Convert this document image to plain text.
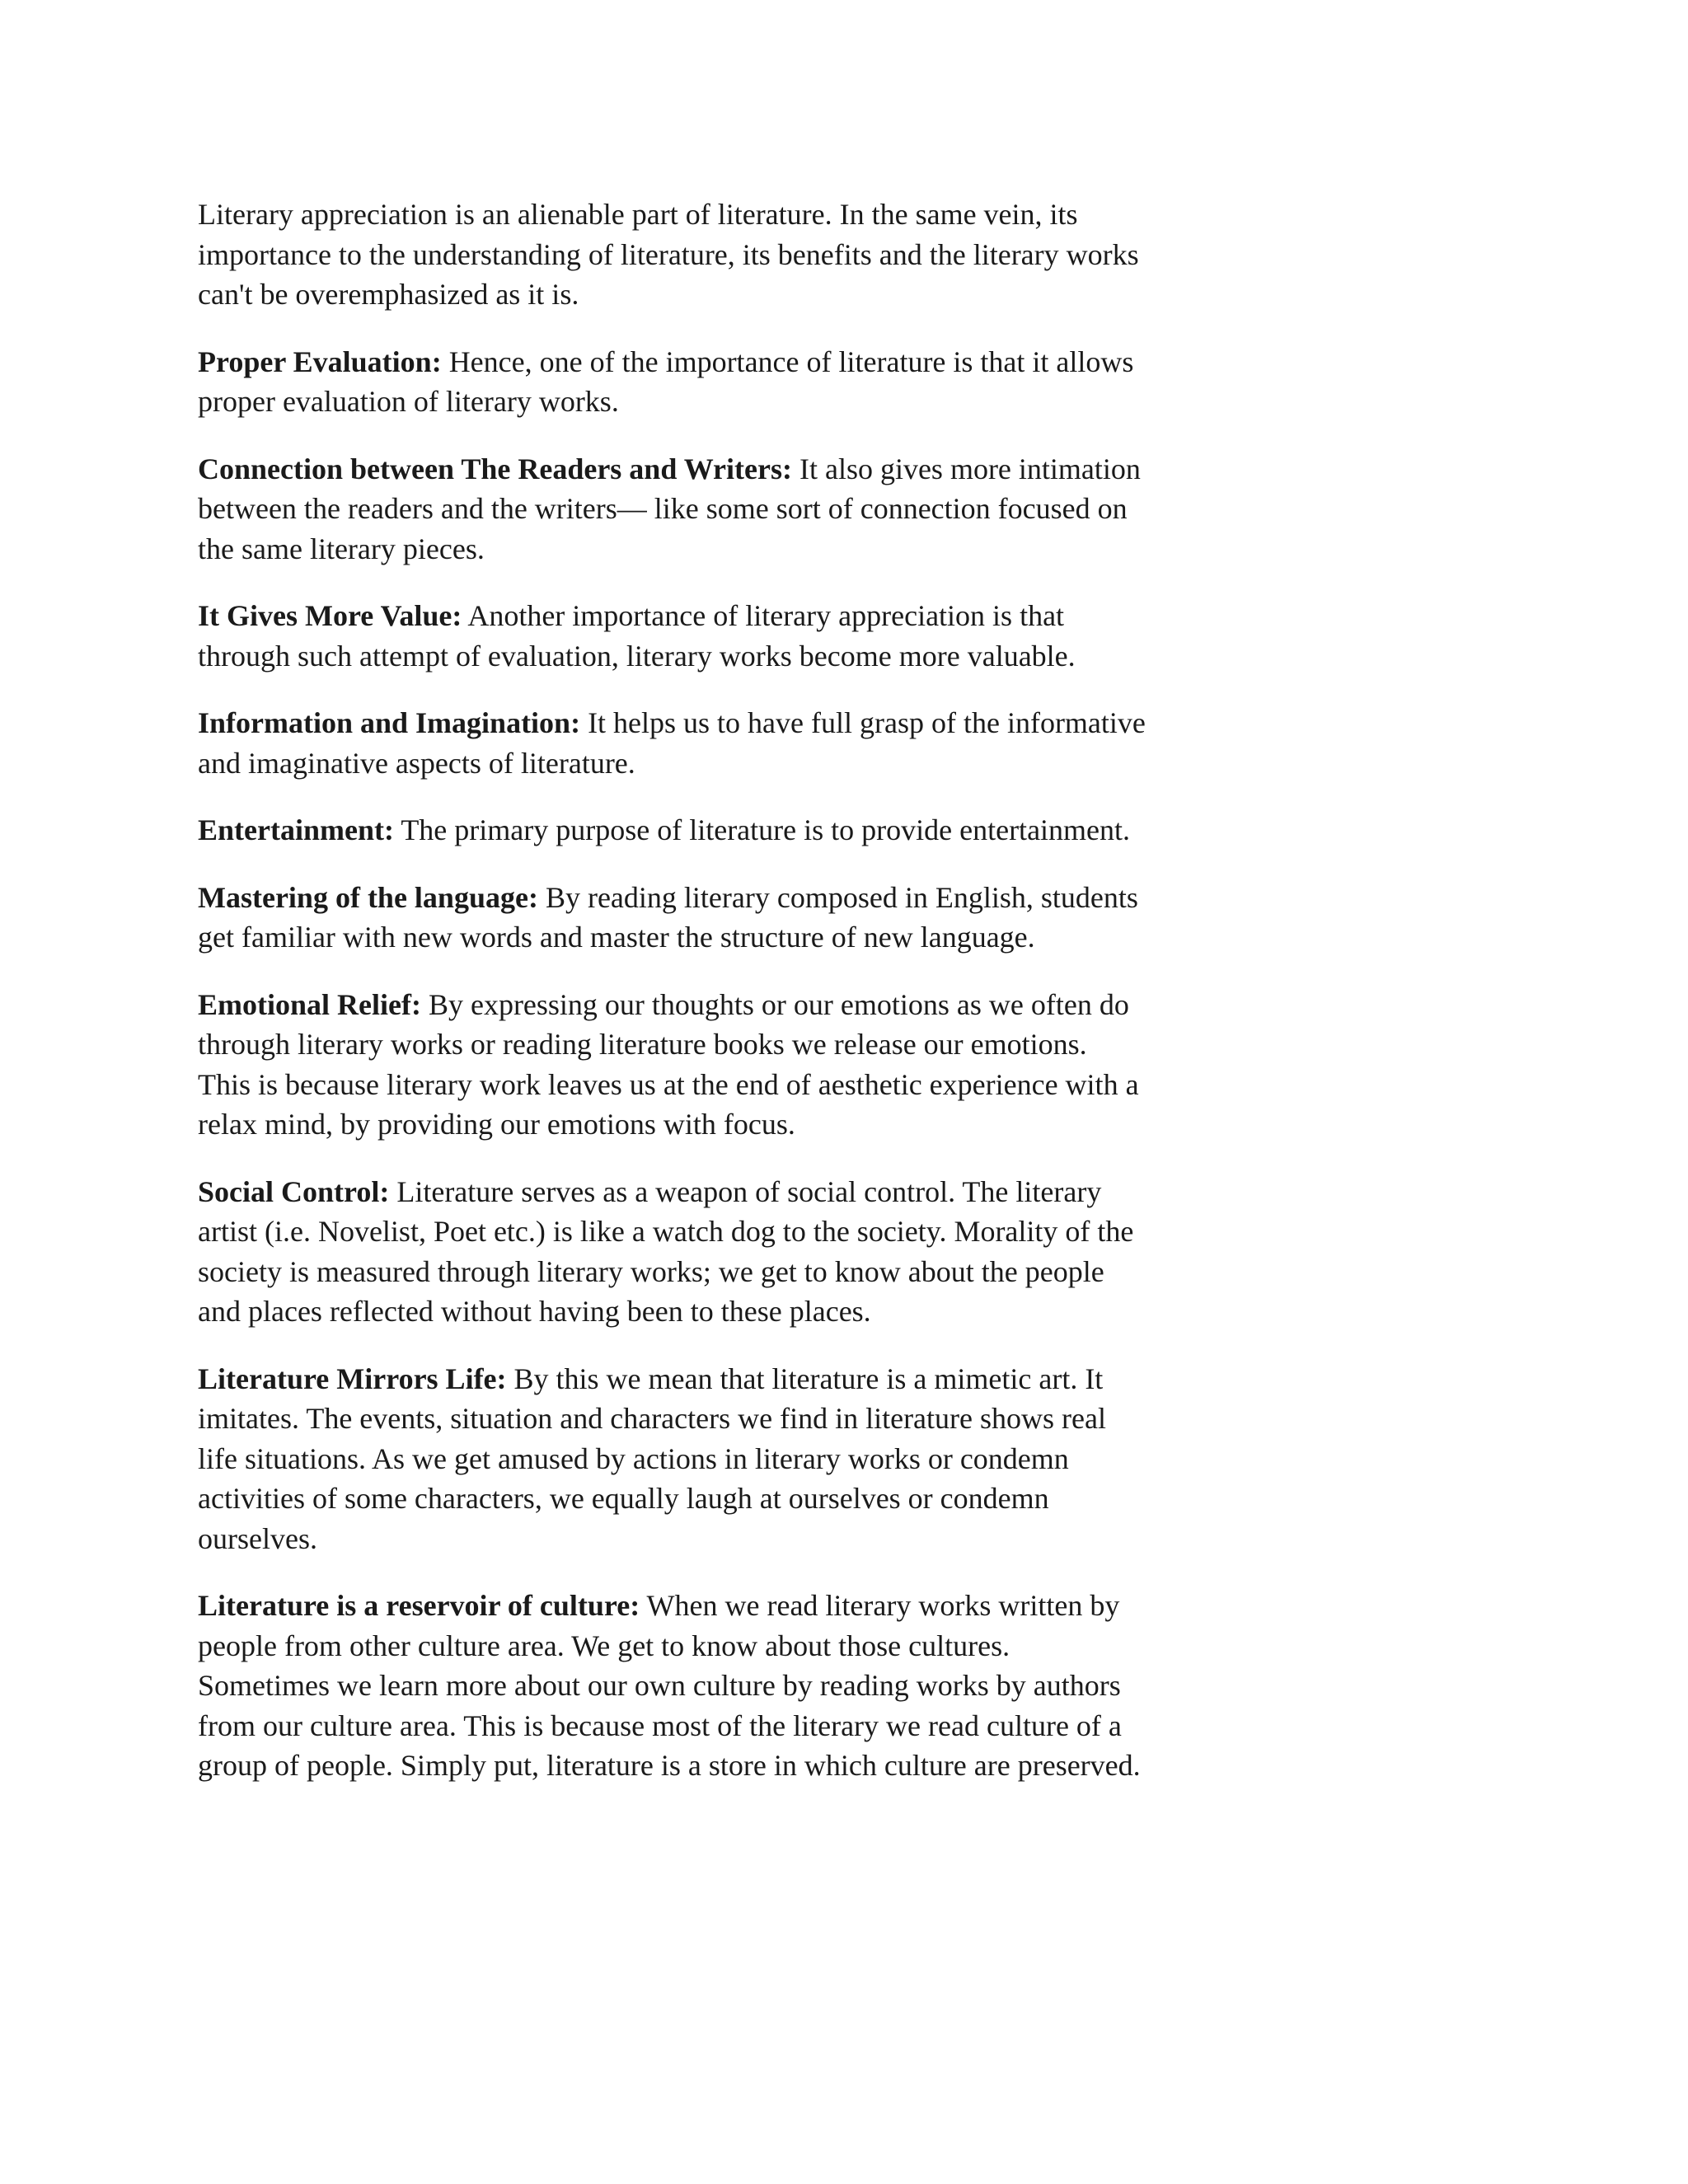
Literary appreciation is an alienable part of literature. In the same vein, its importance to the understanding of literature, its benefits and the literary works can't be overemphasized as it is.

Proper Evaluation: Hence, one of the importance of literature is that it allows proper evaluation of literary works.

Connection between The Readers and Writers: It also gives more intimation between the readers and the writers— like some sort of connection focused on the same literary pieces.

It Gives More Value: Another importance of literary appreciation is that through such attempt of evaluation, literary works become more valuable.

Information and Imagination: It helps us to have full grasp of the informative and imaginative aspects of literature.

Entertainment: The primary purpose of literature is to provide entertainment.

Mastering of the language: By reading literary composed in English, students get familiar with new words and master the structure of new language.

Emotional Relief: By expressing our thoughts or our emotions as we often do through literary works or reading literature books we release our emotions. This is because literary work leaves us at the end of aesthetic experience with a relax mind, by providing our emotions with focus.

Social Control: Literature serves as a weapon of social control. The literary artist (i.e. Novelist, Poet etc.) is like a watch dog to the society. Morality of the society is measured through literary works; we get to know about the people and places reflected without having been to these places.

Literature Mirrors Life: By this we mean that literature is a mimetic art. It imitates. The events, situation and characters we find in literature shows real life situations. As we get amused by actions in literary works or condemn activities of some characters, we equally laugh at ourselves or condemn ourselves.

Literature is a reservoir of culture: When we read literary works written by people from other culture area. We get to know about those cultures. Sometimes we learn more about our own culture by reading works by authors from our culture area. This is because most of the literary we read culture of a group of people. Simply put, literature is a store in which culture are preserved.
